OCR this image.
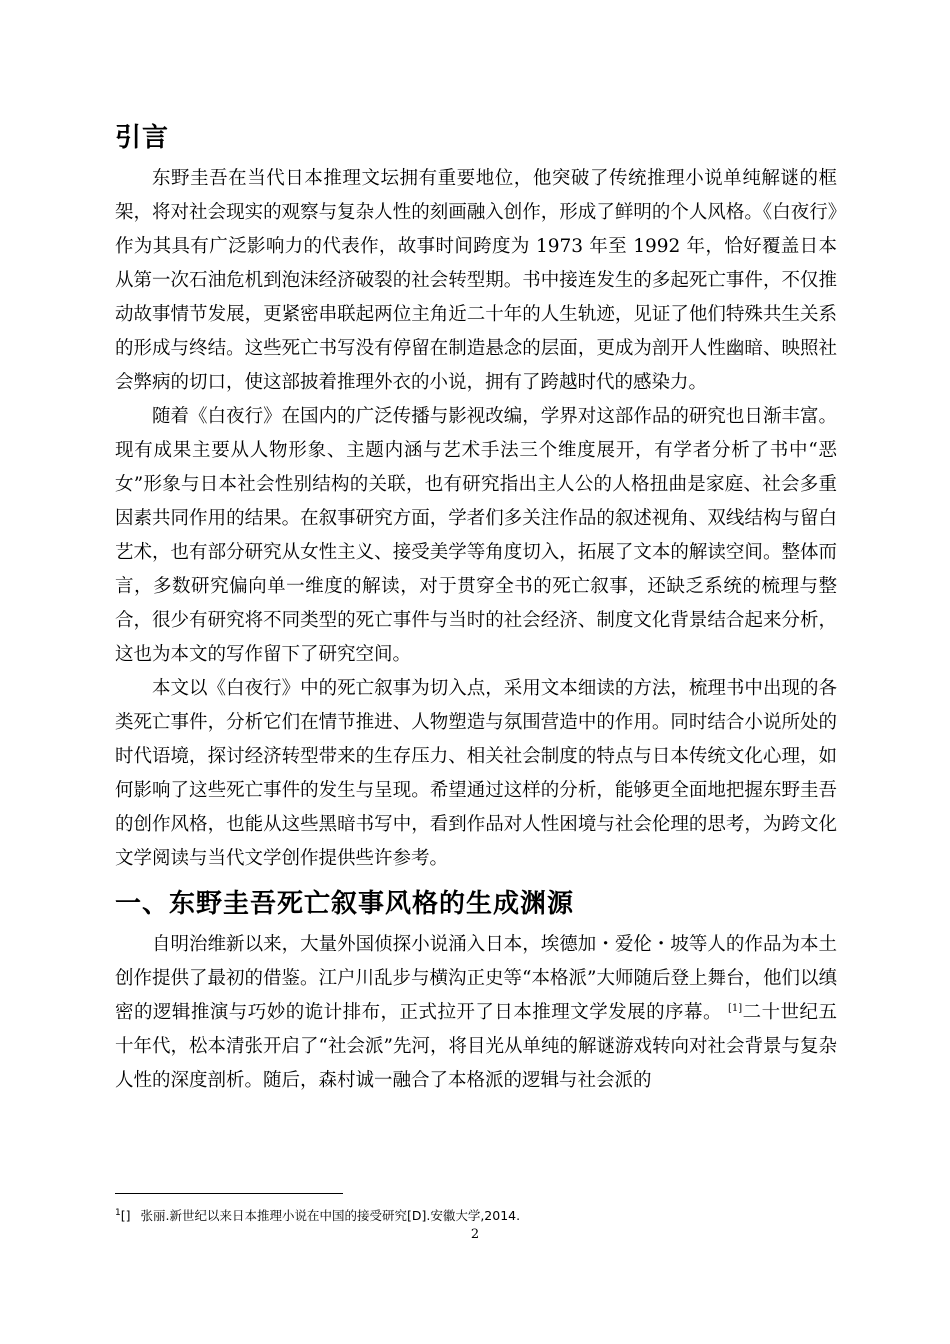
引言

东野圭吾在当代日本推理文坛拥有重要地位，他突破了传统推理小说单纯解谜的框架，将对社会现实的观察与复杂人性的刻画融入创作，形成了鲜明的个人风格。《白夜行》作为其具有广泛影响力的代表作，故事时间跨度为 1973 年至 1992 年，恰好覆盖日本从第一次石油危机到泡沫经济破裂的社会转型期。书中接连发生的多起死亡事件，不仅推动故事情节发展，更紧密串联起两位主角近二十年的人生轨迹，见证了他们特殊共生关系的形成与终结。这些死亡书写没有停留在制造悬念的层面，更成为剖开人性幽暗、映照社会弊病的切口，使这部披着推理外衣的小说，拥有了跨越时代的感染力。

随着《白夜行》在国内的广泛传播与影视改编，学界对这部作品的研究也日渐丰富。现有成果主要从人物形象、主题内涵与艺术手法三个维度展开，有学者分析了书中“恶女”形象与日本社会性别结构的关联，也有研究指出主人公的人格扭曲是家庭、社会多重因素共同作用的结果。在叙事研究方面，学者们多关注作品的叙述视角、双线结构与留白艺术，也有部分研究从女性主义、接受美学等角度切入，拓展了文本的解读空间。整体而言，多数研究偏向单一维度的解读，对于贯穿全书的死亡叙事，还缺乏系统的梳理与整合，很少有研究将不同类型的死亡事件与当时的社会经济、制度文化背景结合起来分析，这也为本文的写作留下了研究空间。

本文以《白夜行》中的死亡叙事为切入点，采用文本细读的方法，梳理书中出现的各类死亡事件，分析它们在情节推进、人物塑造与氛围营造中的作用。同时结合小说所处的时代语境，探讨经济转型带来的生存压力、相关社会制度的特点与日本传统文化心理，如何影响了这些死亡事件的发生与呈现。希望通过这样的分析，能够更全面地把握东野圭吾的创作风格，也能从这些黑暗书写中，看到作品对人性困境与社会伦理的思考，为跨文化文学阅读与当代文学创作提供些许参考。

一、东野圭吾死亡叙事风格的生成渊源

自明治维新以来，大量外国侦探小说涌入日本，埃德加・爱伦・坡等人的作品为本土创作提供了最初的借鉴。江户川乱步与横沟正史等“本格派”大师随后登上舞台，他们以缜密的逻辑推演与巧妙的诡计排布，正式拉开了日本推理文学发展的序幕。 [1]二十世纪五十年代，松本清张开启了“社会派”先河，将目光从单纯的解谜游戏转向对社会背景与复杂人性的深度剖析。随后，森村诚一融合了本格派的逻辑与社会派的

$^1$[] 张丽.新世纪以来日本推理小说在中国的接受研究[D].安徽大学,2014.
2
